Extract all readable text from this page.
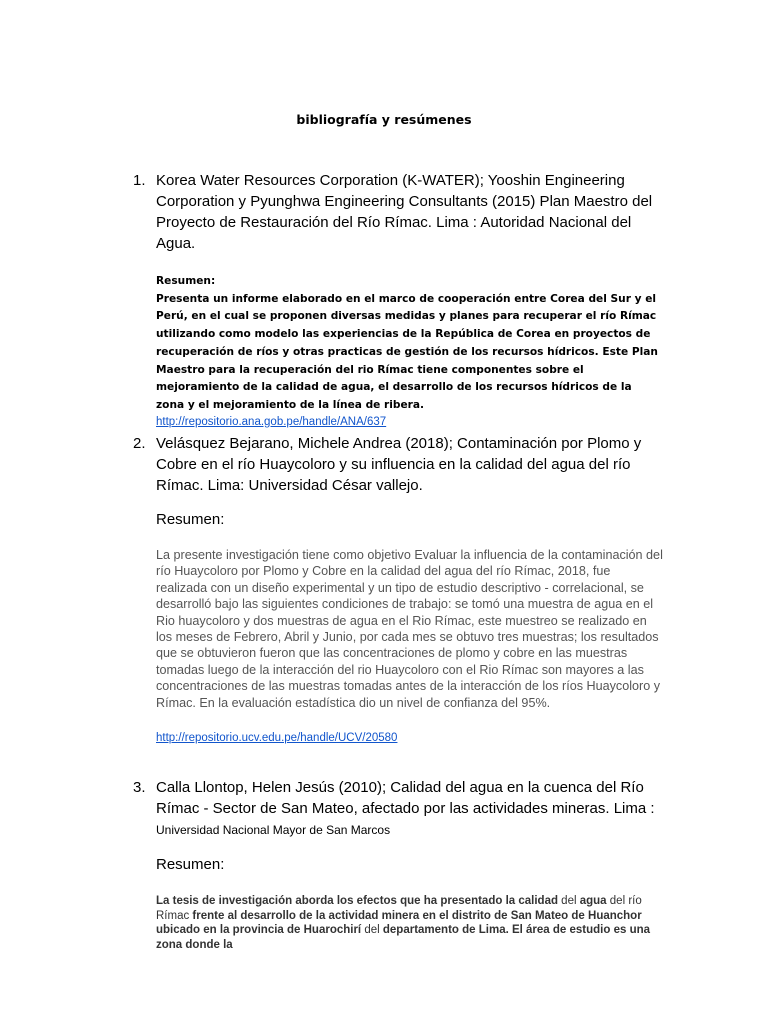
bibliografía y resúmenes
1. Korea Water Resources Corporation (K-WATER); Yooshin Engineering Corporation y Pyunghwa Engineering Consultants (2015) Plan Maestro del Proyecto de Restauración del Río Rímac. Lima : Autoridad Nacional del Agua.

Resumen:

Presenta un informe elaborado en el marco de cooperación entre Corea del Sur y el Perú, en el cual se proponen diversas medidas y planes para recuperar el río Rímac utilizando como modelo las experiencias de la República de Corea en proyectos de recuperación de ríos y otras practicas de gestión de los recursos hídricos. Este Plan Maestro para la recuperación del rio Rímac tiene componentes sobre el mejoramiento de la calidad de agua, el desarrollo de los recursos hídricos de la zona y el mejoramiento de la línea de ribera.

http://repositorio.ana.gob.pe/handle/ANA/637
2. Velásquez Bejarano, Michele Andrea (2018); Contaminación por Plomo y Cobre en el río Huaycoloro y su influencia en la calidad del agua del río Rímac. Lima: Universidad César vallejo.

Resumen:

La presente investigación tiene como objetivo Evaluar la influencia de la contaminación del río Huaycoloro por Plomo y Cobre en la calidad del agua del río Rímac, 2018, fue realizada con un diseño experimental y un tipo de estudio descriptivo - correlacional, se desarrolló bajo las siguientes condiciones de trabajo: se tomó una muestra de agua en el Rio huaycoloro y dos muestras de agua en el Rio Rímac, este muestreo se realizado en los meses de Febrero, Abril y Junio, por cada mes se obtuvo tres muestras; los resultados que se obtuvieron fueron que las concentraciones de plomo y cobre en las muestras tomadas luego de la interacción del rio Huaycoloro con el Rio Rímac son mayores a las concentraciones de las muestras tomadas antes de la interacción de los ríos Huaycoloro y Rímac. En la evaluación estadística dio un nivel de confianza del 95%.

http://repositorio.ucv.edu.pe/handle/UCV/20580
3. Calla Llontop, Helen Jesús (2010); Calidad del agua en la cuenca del Río Rímac - Sector de San Mateo, afectado por las actividades mineras. Lima : Universidad Nacional Mayor de San Marcos

Resumen:

La tesis de investigación aborda los efectos que ha presentado la calidad del agua del río Rímac frente al desarrollo de la actividad minera en el distrito de San Mateo de Huanchor ubicado en la provincia de Huarochirí del departamento de Lima. El área de estudio es una zona donde la
